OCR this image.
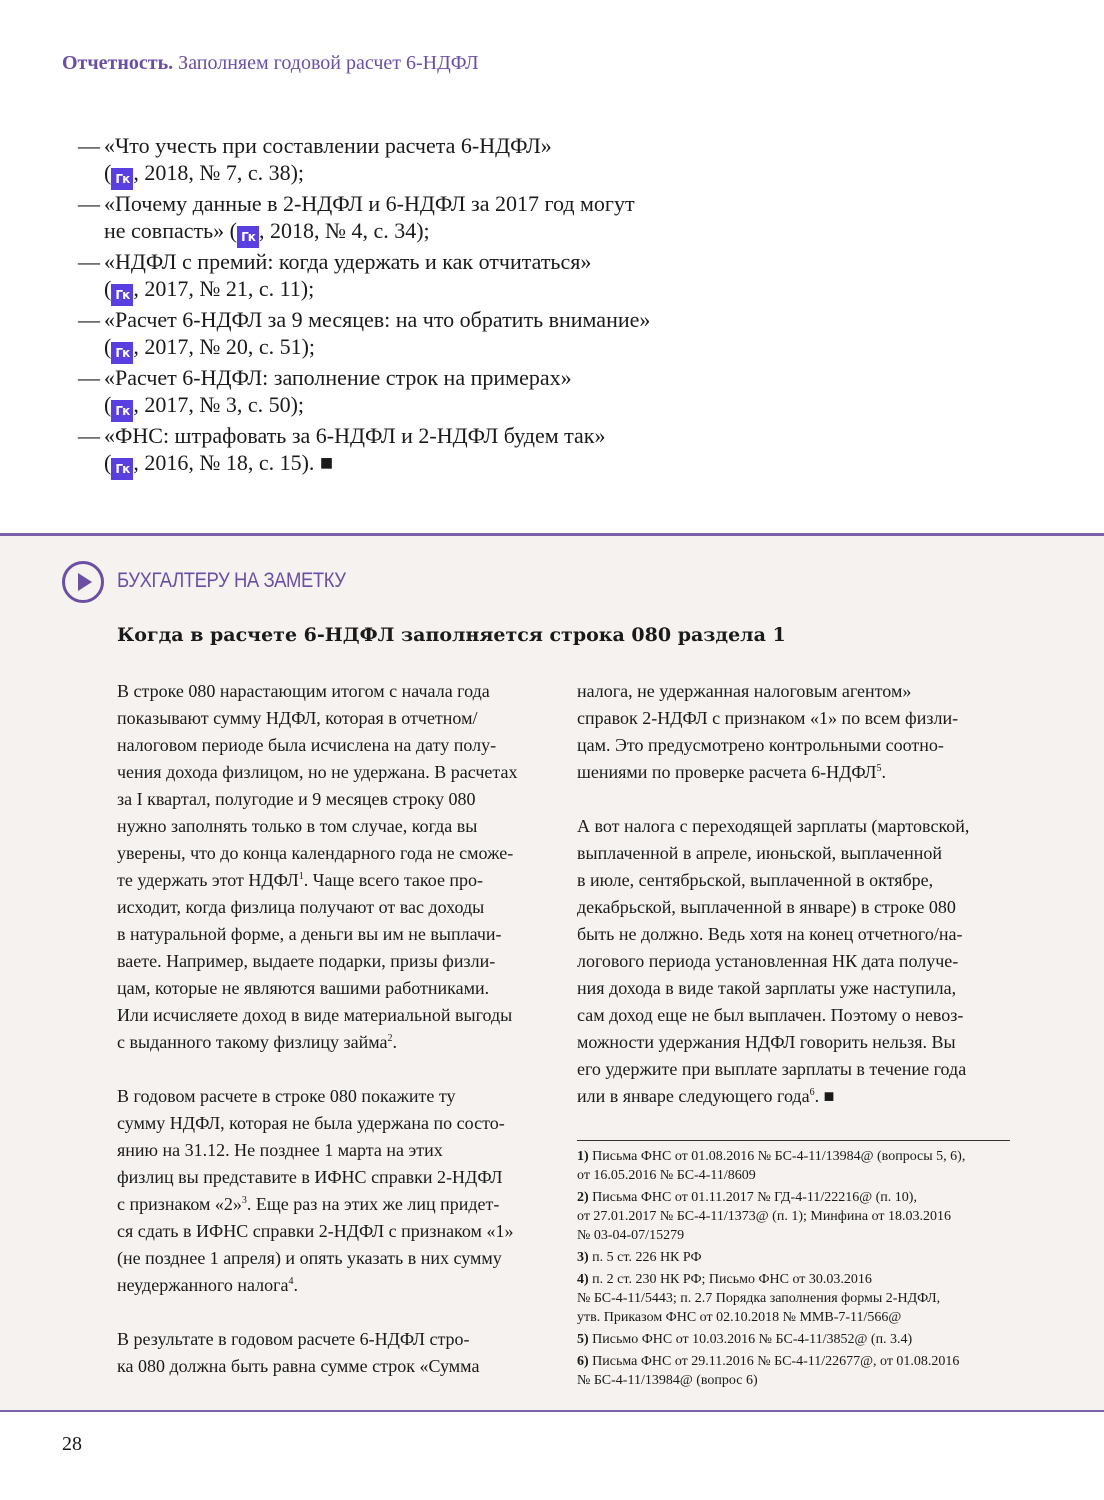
Отчетность. Заполняем годовой расчет 6-НДФЛ
— «Что учесть при составлении расчета 6-НДФЛ»
( Гк , 2018, № 7, с. 38);
— «Почему данные в 2-НДФЛ и 6-НДФЛ за 2017 год могут
не совпасть» ( Гк , 2018, № 4, с. 34);
— «НДФЛ с премий: когда удержать и как отчитаться»
( Гк , 2017, № 21, с. 11);
— «Расчет 6-НДФЛ за 9 месяцев: на что обратить внимание»
( Гк , 2017, № 20, с. 51);
— «Расчет 6-НДФЛ: заполнение строк на примерах»
( Гк , 2017, № 3, с. 50);
— «ФНС: штрафовать за 6-НДФЛ и 2-НДФЛ будем так»
( Гк , 2016, № 18, с. 15). ■
БУХГАЛТЕРУ НА ЗАМЕТКУ
Когда в расчете 6-НДФЛ заполняется строка 080 раздела 1
В строке 080 нарастающим итогом с начала года
показывают сумму НДФЛ, которая в отчетном/
налоговом периоде была исчислена на дату полу-
чения дохода физлицом, но не удержана. В расчетах
за I квартал, полугодие и 9 месяцев строку 080
нужно заполнять только в том случае, когда вы
уверены, что до конца календарного года не сможе-
те удержать этот НДФЛ$^1$. Чаще всего такое про-
исходит, когда физлица получают от вас доходы
в натуральной форме, а деньги вы им не выплачи-
ваете. Например, выдаете подарки, призы физли-
цам, которые не являются вашими работниками.
Или исчисляете доход в виде материальной выгоды
с выданного такому физлицу займа$^2$.
В годовом расчете в строке 080 покажите ту
сумму НДФЛ, которая не была удержана по состо-
янию на 31.12. Не позднее 1 марта на этих
физлиц вы представите в ИФНС справки 2-НДФЛ
с признаком «2»$^3$. Еще раз на этих же лиц придет-
ся сдать в ИФНС справки 2-НДФЛ с признаком «1»
(не позднее 1 апреля) и опять указать в них сумму
неудержанного налога$^4$.
В результате в годовом расчете 6-НДФЛ стро-
ка 080 должна быть равна сумме строк «Сумма
налога, не удержанная налоговым агентом»
справок 2-НДФЛ с признаком «1» по всем физли-
цам. Это предусмотрено контрольными соотно-
шениями по проверке расчета 6-НДФЛ$^5$.
А вот налога с переходящей зарплаты (мартовской,
выплаченной в апреле, июньской, выплаченной
в июле, сентябрьской, выплаченной в октябре,
декабрьской, выплаченной в январе) в строке 080
быть не должно. Ведь хотя на конец отчетного/на-
логового периода установленная НК дата получе-
ния дохода в виде такой зарплаты уже наступила,
сам доход еще не был выплачен. Поэтому о невоз-
можности удержания НДФЛ говорить нельзя. Вы
его удержите при выплате зарплаты в течение года
или в январе следующего года$^6$. ■
1) Письма ФНС от 01.08.2016 № БС-4-11/13984@ (вопросы 5, 6),
от 16.05.2016 № БС-4-11/8609
2) Письма ФНС от 01.11.2017 № ГД-4-11/22216@ (п. 10),
от 27.01.2017 № БС-4-11/1373@ (п. 1); Минфина от 18.03.2016
№ 03-04-07/15279
3) п. 5 ст. 226 НК РФ
4) п. 2 ст. 230 НК РФ; Письмо ФНС от 30.03.2016
№ БС-4-11/5443; п. 2.7 Порядка заполнения формы 2-НДФЛ,
утв. Приказом ФНС от 02.10.2018 № ММВ-7-11/566@
5) Письмо ФНС от 10.03.2016 № БС-4-11/3852@ (п. 3.4)
6) Письма ФНС от 29.11.2016 № БС-4-11/22677@, от 01.08.2016
№ БС-4-11/13984@ (вопрос 6)
28
